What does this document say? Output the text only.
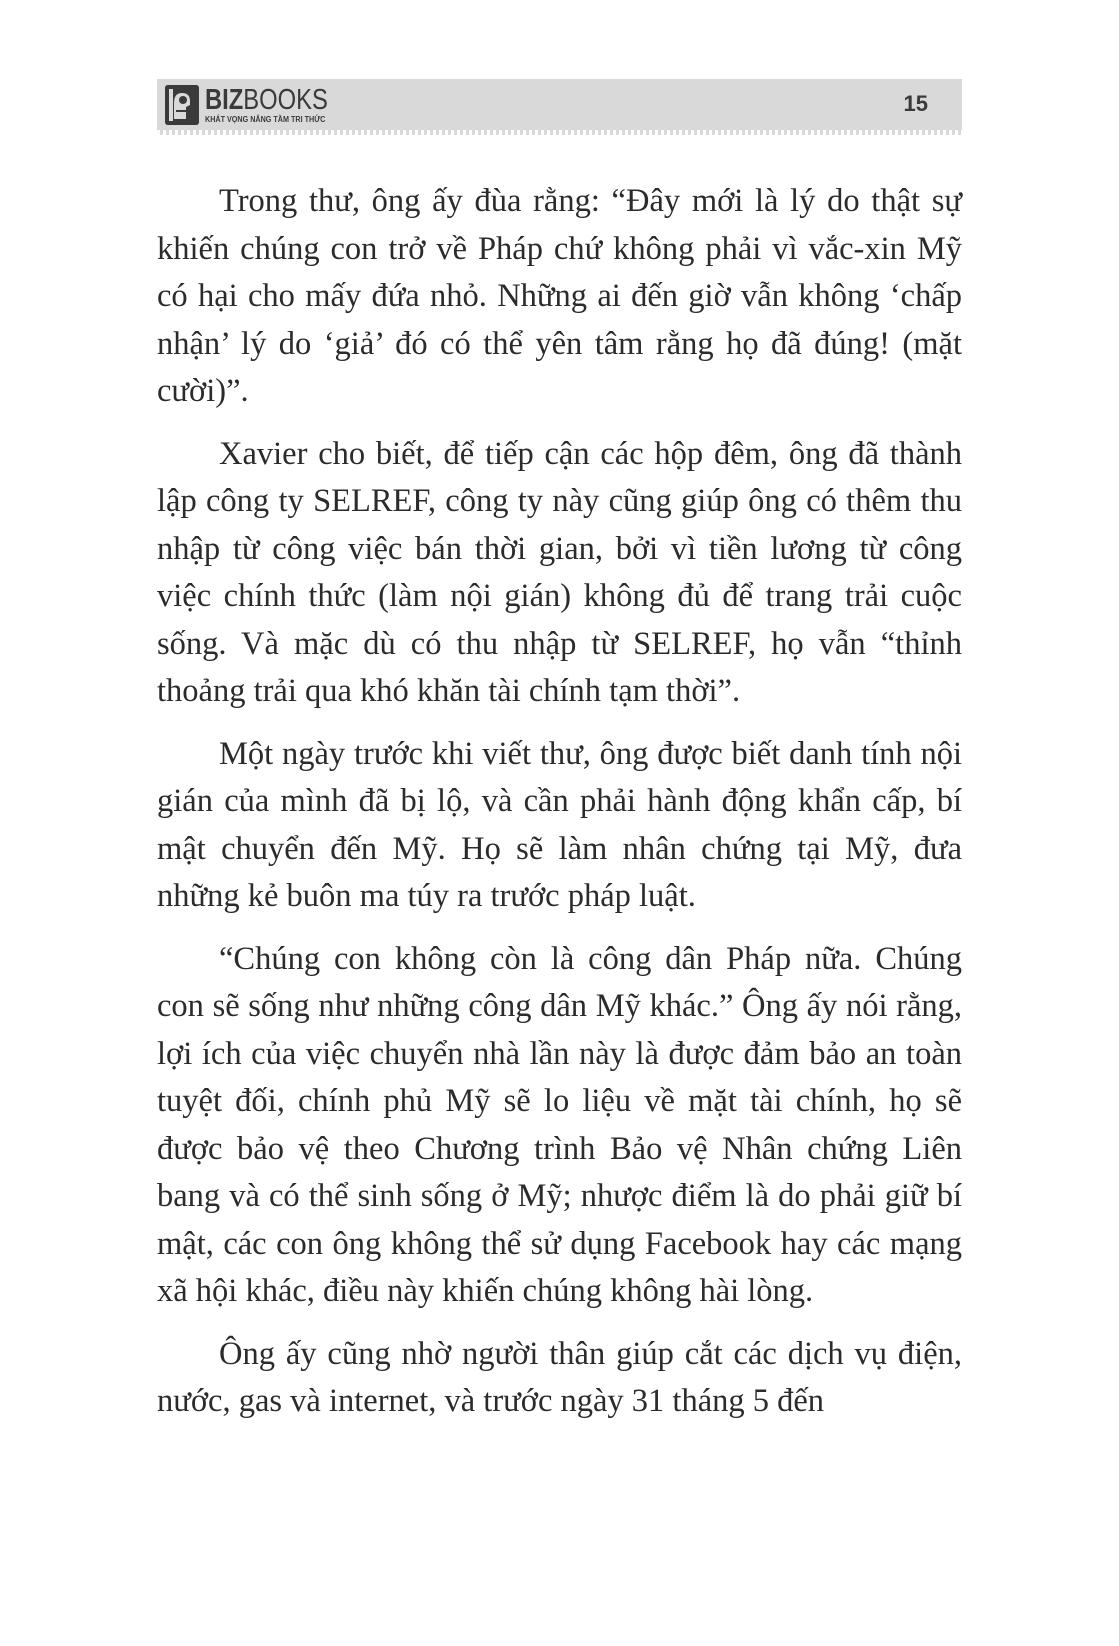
BIZBOOKS
KHÁT VỌNG NÂNG TẦM TRI THỨC
15

Trong thư, ông ấy đùa rằng: “Đây mới là lý do thật sự khiến chúng con trở về Pháp chứ không phải vì vắc-xin Mỹ có hại cho mấy đứa nhỏ. Những ai đến giờ vẫn không ‘chấp nhận’ lý do ‘giả’ đó có thể yên tâm rằng họ đã đúng! (mặt cười)”.

Xavier cho biết, để tiếp cận các hộp đêm, ông đã thành lập công ty SELREF, công ty này cũng giúp ông có thêm thu nhập từ công việc bán thời gian, bởi vì tiền lương từ công việc chính thức (làm nội gián) không đủ để trang trải cuộc sống. Và mặc dù có thu nhập từ SELREF, họ vẫn “thỉnh thoảng trải qua khó khăn tài chính tạm thời”.

Một ngày trước khi viết thư, ông được biết danh tính nội gián của mình đã bị lộ, và cần phải hành động khẩn cấp, bí mật chuyển đến Mỹ. Họ sẽ làm nhân chứng tại Mỹ, đưa những kẻ buôn ma túy ra trước pháp luật.

“Chúng con không còn là công dân Pháp nữa. Chúng con sẽ sống như những công dân Mỹ khác.” Ông ấy nói rằng, lợi ích của việc chuyển nhà lần này là được đảm bảo an toàn tuyệt đối, chính phủ Mỹ sẽ lo liệu về mặt tài chính, họ sẽ được bảo vệ theo Chương trình Bảo vệ Nhân chứng Liên bang và có thể sinh sống ở Mỹ; nhược điểm là do phải giữ bí mật, các con ông không thể sử dụng Facebook hay các mạng xã hội khác, điều này khiến chúng không hài lòng.

Ông ấy cũng nhờ người thân giúp cắt các dịch vụ điện, nước, gas và internet, và trước ngày 31 tháng 5 đến
